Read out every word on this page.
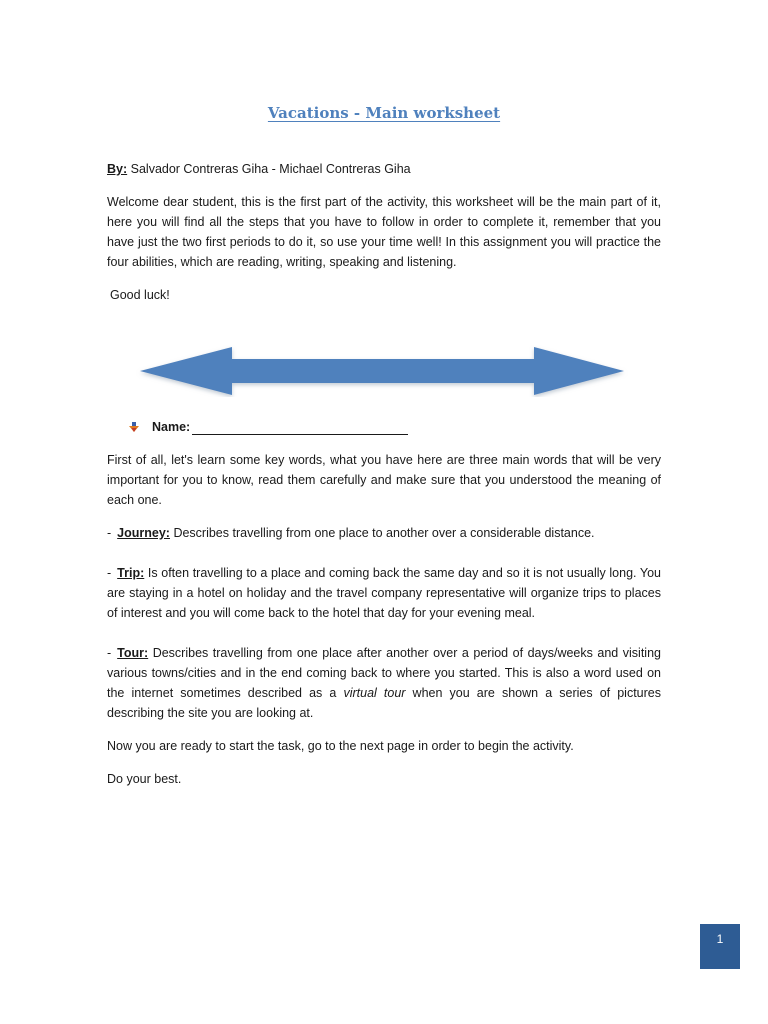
Vacations - Main worksheet
By: Salvador Contreras Giha - Michael Contreras Giha
Welcome dear student, this is the first part of the activity, this worksheet will be the main part of it, here you will find all the steps that you have to follow in order to complete it, remember that you have just the two first periods to do it, so use your time well! In this assignment you will practice the four abilities, which are reading, writing, speaking and listening.
Good luck!
Name:
First of all, let's learn some key words, what you have here are three main words that will be very important for you to know, read them carefully and make sure that you understood the meaning of each one.
- Journey: Describes travelling from one place to another over a considerable distance.
- Trip: Is often travelling to a place and coming back the same day and so it is not usually long. You are staying in a hotel on holiday and the travel company representative will organize trips to places of interest and you will come back to the hotel that day for your evening meal.
- Tour: Describes travelling from one place after another over a period of days/weeks and visiting various towns/cities and in the end coming back to where you started. This is also a word used on the internet sometimes described as a virtual tour when you are shown a series of pictures describing the site you are looking at.
Now you are ready to start the task, go to the next page in order to begin the activity.
Do your best.
1
